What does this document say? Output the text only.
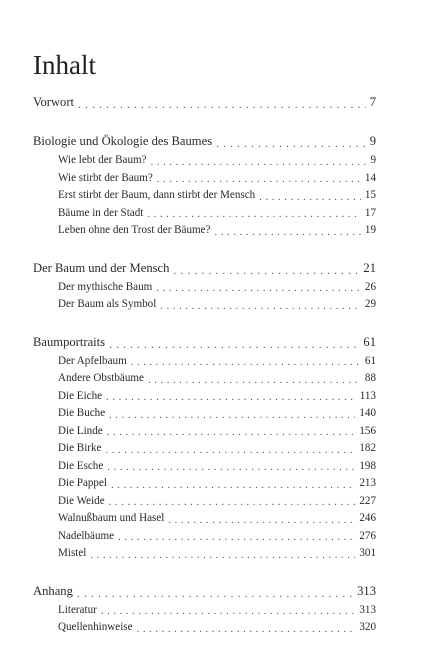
Inhalt
Vorwort . . .	7
Biologie und Ökologie des Baumes . . .	9
Wie lebt der Baum? . . .	9
Wie stirbt der Baum? . . .	14
Erst stirbt der Baum, dann stirbt der Mensch . . .	15
Bäume in der Stadt . . .	17
Leben ohne den Trost der Bäume? . . .	19
Der Baum und der Mensch . . .	21
Der mythische Baum . . .	26
Der Baum als Symbol . . .	29
Baumportraits . . .	61
Der Apfelbaum . . .	61
Andere Obstbäume . . .	88
Die Eiche . . .	113
Die Buche . . .	140
Die Linde . . .	156
Die Birke . . .	182
Die Esche . . .	198
Die Pappel . . .	213
Die Weide . . .	227
Walnußbaum und Hasel . . .	246
Nadelbäume . . .	276
Mistel . . .	301
Anhang . . .	313
Literatur . . .	313
Quellenhinweise . . .	320
